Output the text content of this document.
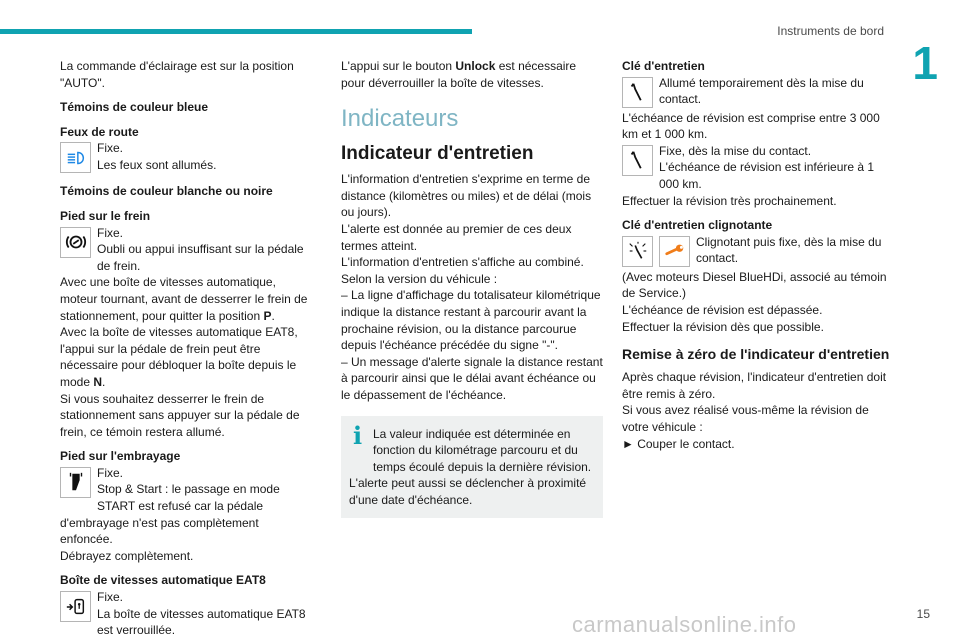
Instruments de bord
1
15
carmanualsonline.info

La commande d'éclairage est sur la position "AUTO".

Témoins de couleur bleue

Feux de route

Fixe.

Les feux sont allumés.

Témoins de couleur blanche ou noire

Pied sur le frein

Fixe.

Oubli ou appui insuffisant sur la pédale de frein.

Avec une boîte de vitesses automatique, moteur tournant, avant de desserrer le frein de stationnement, pour quitter la position P.

Avec la boîte de vitesses automatique EAT8, l'appui sur la pédale de frein peut être nécessaire pour débloquer la boîte depuis le mode N.

Si vous souhaitez desserrer le frein de stationnement sans appuyer sur la pédale de frein, ce témoin restera allumé.

Pied sur l'embrayage

Fixe.

Stop & Start : le passage en mode START est refusé car la pédale d'embrayage n'est pas complètement enfoncée.

Débrayez complètement.

Boîte de vitesses automatique EAT8

Fixe.

La boîte de vitesses automatique EAT8 est verrouillée.

L'appui sur le bouton Unlock est nécessaire pour déverrouiller la boîte de vitesses.

Indicateurs
Indicateur d'entretien

L'information d'entretien s'exprime en terme de distance (kilomètres ou miles) et de délai (mois ou jours).

L'alerte est donnée au premier de ces deux termes atteint.

L'information d'entretien s'affiche au combiné. Selon la version du véhicule :

– La ligne d'affichage du totalisateur kilométrique indique la distance restant à parcourir avant la prochaine révision, ou la distance parcourue depuis l'échéance précédée du signe "-".

– Un message d'alerte signale la distance restant à parcourir ainsi que le délai avant échéance ou le dépassement de l'échéance.

i La valeur indiquée est déterminée en fonction du kilométrage parcouru et du temps écoulé depuis la dernière révision.

L'alerte peut aussi se déclencher à proximité d'une date d'échéance.

Clé d'entretien

Allumé temporairement dès la mise du contact.

L'échéance de révision est comprise entre 3 000 km et 1 000 km.

Fixe, dès la mise du contact.

L'échéance de révision est inférieure à 1 000 km.

Effectuer la révision très prochainement.

Clé d'entretien clignotante

Clignotant puis fixe, dès la mise du contact.

(Avec moteurs Diesel BlueHDi, associé au témoin de Service.)

L'échéance de révision est dépassée.

Effectuer la révision dès que possible.

Remise à zéro de l'indicateur d'entretien

Après chaque révision, l'indicateur d'entretien doit être remis à zéro.

Si vous avez réalisé vous-même la révision de votre véhicule :

► Couper le contact.
